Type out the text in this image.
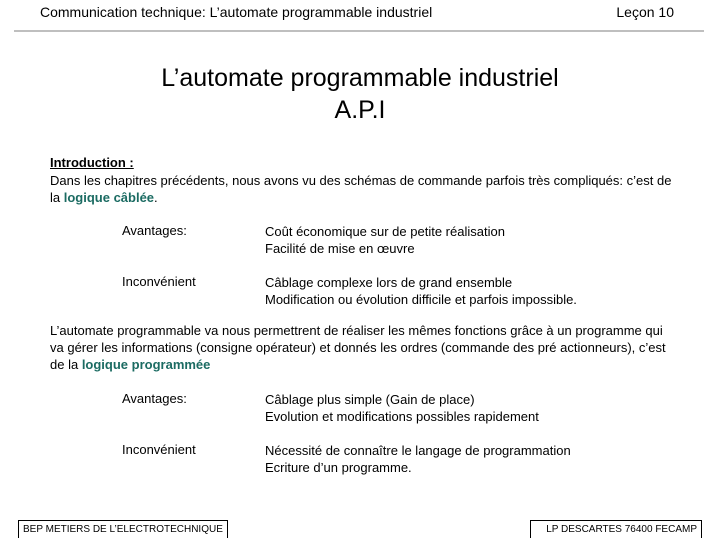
Communication technique: L’automate programmable industriel	Leçon 10
L’automate programmable industriel
A.P.I
Introduction :
Dans les chapitres précédents, nous avons vu des schémas de commande parfois très compliqués: c’est de la logique câblée.
Avantages:	Coût économique sur de petite réalisation
Facilité de mise en œuvre
Inconvénient	Câblage complexe lors de grand ensemble
Modification ou évolution difficile et parfois impossible.
L’automate programmable va nous permettrent de réaliser les mêmes fonctions grâce à un programme qui va gérer les informations (consigne opérateur) et donnés les ordres (commande des pré actionneurs), c’est de la logique programmée
Avantages:	Câblage plus simple (Gain de place)
Evolution et modifications possibles rapidement
Inconvénient	Nécessité de connaître le langage de programmation
Ecriture d’un programme.
BEP METIERS DE L’ELECTROTECHNIQUE	LP DESCARTES 76400 FECAMP
